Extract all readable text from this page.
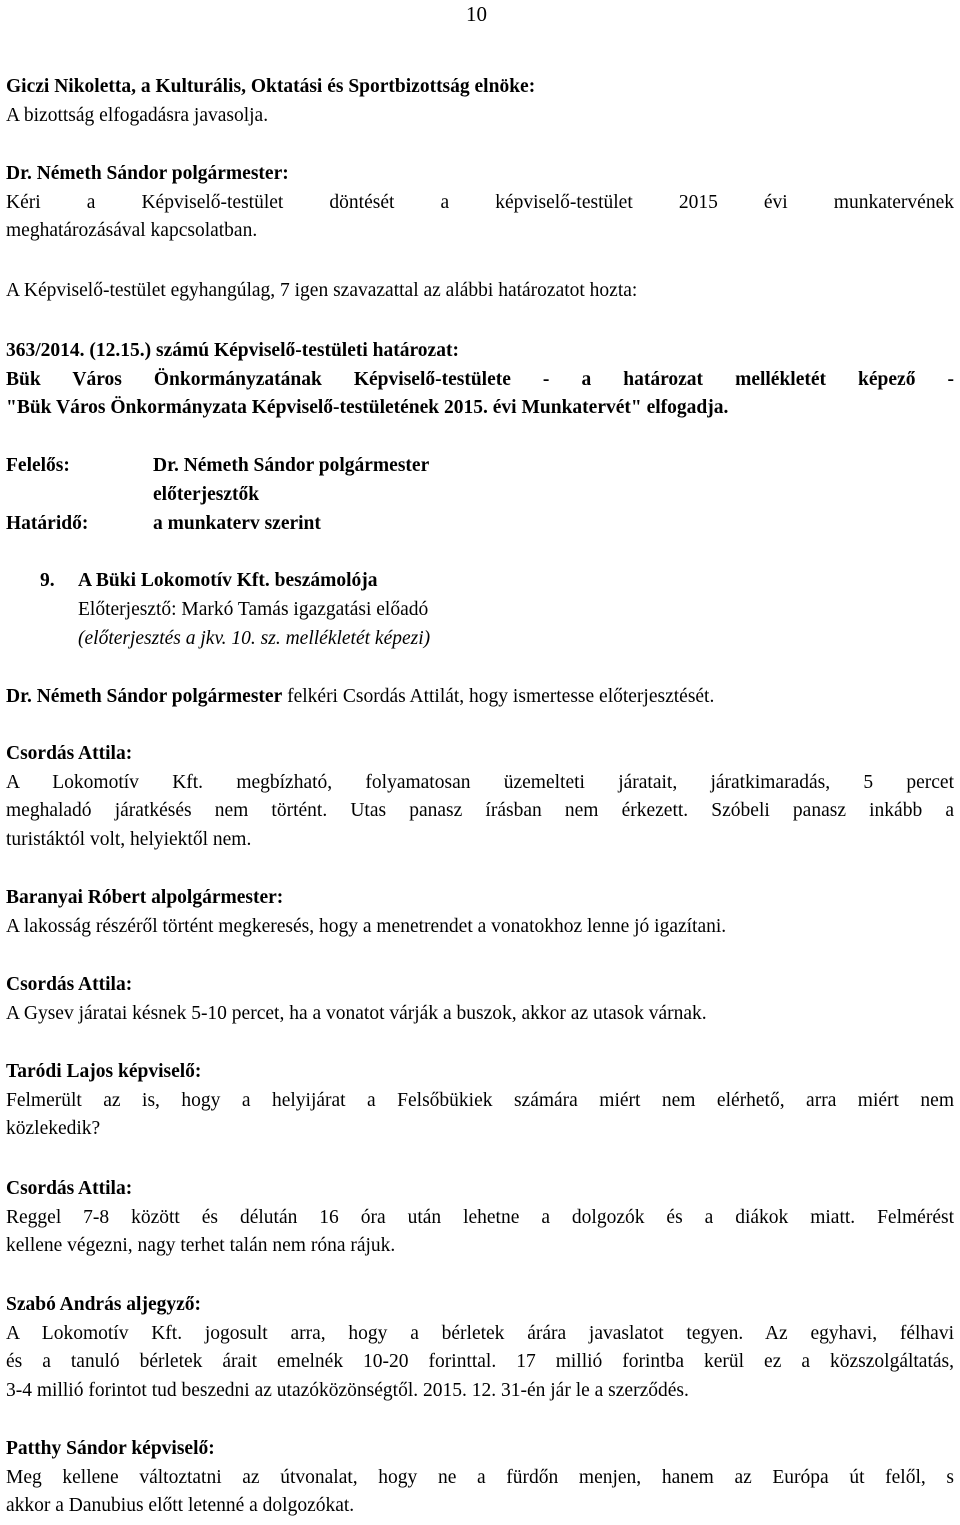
10
Giczi Nikoletta, a Kulturális, Oktatási és Sportbizottság elnöke:
A bizottság elfogadásra javasolja.
Dr. Németh Sándor polgármester:
Kéri a Képviselő-testület döntését a képviselő-testület 2015 évi munkatervének
meghatározásával kapcsolatban.
A Képviselő-testület egyhangúlag, 7 igen szavazattal az alábbi határozatot hozta:
363/2014. (12.15.) számú Képviselő-testületi határozat:
Bük Város Önkormányzatának Képviselő-testülete - a határozat mellékletét képező -
"Bük Város Önkormányzata Képviselő-testületének 2015. évi Munkatervét" elfogadja.
Felelős:	Dr. Németh Sándor polgármester
előterjesztők
Határidő:	a munkaterv szerint
9. A Büki Lokomotív Kft. beszámolója
Előterjesztő: Markó Tamás igazgatási előadó
(előterjesztés a jkv. 10. sz. mellékletét képezi)
Dr. Németh Sándor polgármester felkéri Csordás Attilát, hogy ismertesse előterjesztését.
Csordás Attila:
A Lokomotív Kft. megbízható, folyamatosan üzemelteti járatait, járatkimaradás, 5 percet
meghaladó járatkésés nem történt. Utas panasz írásban nem érkezett. Szóbeli panasz inkább a
turistáktól volt, helyiektől nem.
Baranyai Róbert alpolgármester:
A lakosság részéről történt megkeresés, hogy a menetrendet a vonatokhoz lenne jó igazítani.
Csordás Attila:
A Gysev járatai késnek 5-10 percet, ha a vonatot várják a buszok, akkor az utasok várnak.
Taródi Lajos képviselő:
Felmerült az is, hogy a helyijárat a Felsőbükiek számára miért nem elérhető, arra miért nem
közlekedik?
Csordás Attila:
Reggel 7-8 között és délután 16 óra után lehetne a dolgozók és a diákok miatt. Felmérést
kellene végezni, nagy terhet talán nem róna rájuk.
Szabó András aljegyző:
A Lokomotív Kft. jogosult arra, hogy a bérletek árára javaslatot tegyen. Az egyhavi, félhavi
és a tanuló bérletek árait emelnék 10-20 forinttal. 17 millió forintba kerül ez a közszolgáltatás,
3-4 millió forintot tud beszedni az utazóközönségtől. 2015. 12. 31-én jár le a szerződés.
Patthy Sándor képviselő:
Meg kellene változtatni az útvonalat, hogy ne a fürdőn menjen, hanem az Európa út felől, s
akkor a Danubius előtt letenné a dolgozókat.
